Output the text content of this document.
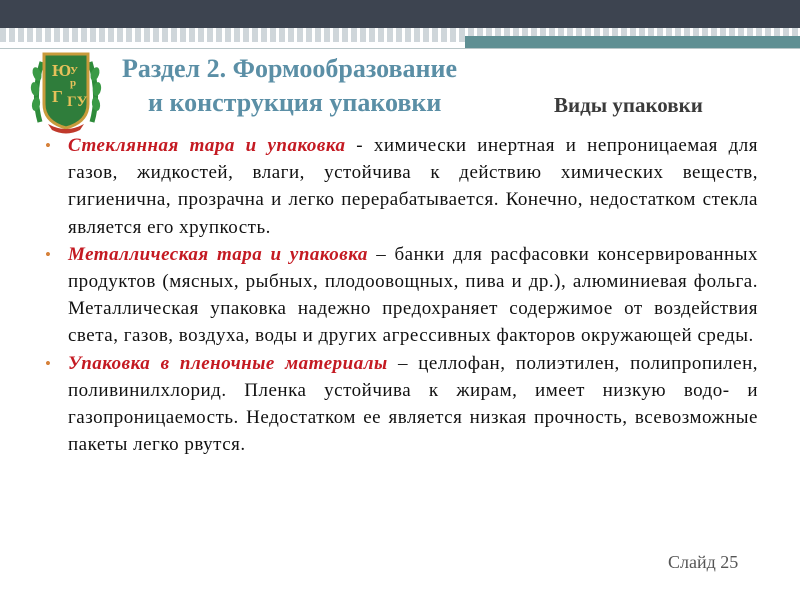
Ю
У
р
Г ГУ
Раздел 2. Формообразование
и конструкция упаковки	Виды упаковки
• Стеклянная тара и упаковка - химически инертная и непроницаемая для газов, жидкостей, влаги, устойчива к действию химических веществ, гигиенична, прозрачна и легко перерабатывается. Конечно, недостатком стекла является его хрупкость.
• Металлическая тара и упаковка – банки для расфасовки консервированных продуктов (мясных, рыбных, плодоовощных, пива и др.), алюминиевая фольга. Металлическая упаковка надежно предохраняет содержимое от воздействия света, газов, воздуха, воды и других агрессивных факторов окружающей среды.
• Упаковка в пленочные материалы – целлофан, полиэтилен, полипропилен, поливинилхлорид. Пленка устойчива к жирам, имеет низкую водо- и газопроницаемость. Недостатком ее является низкая прочность, всевозможные пакеты легко рвутся.
Слайд 25
